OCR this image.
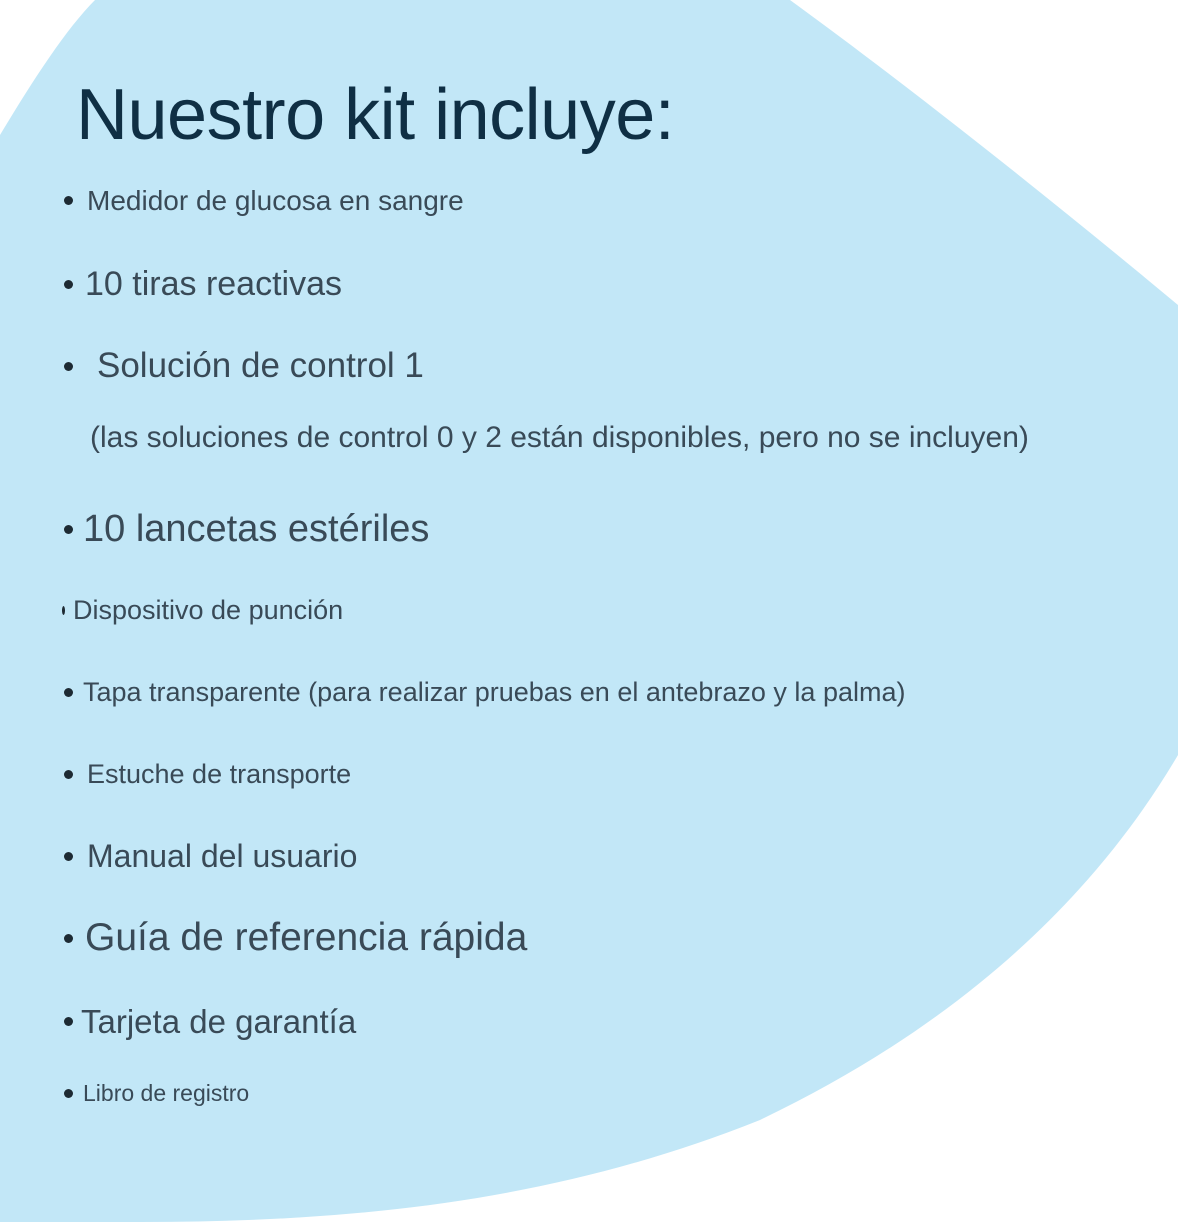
Nuestro kit incluye:
Medidor de glucosa en sangre
10 tiras reactivas
Solución de control 1
(las soluciones de control 0 y 2 están disponibles, pero no se incluyen)
10 lancetas estériles
Dispositivo de punción
Tapa transparente (para realizar pruebas en el antebrazo y la palma)
Estuche de transporte
Manual del usuario
Guía de referencia rápida
Tarjeta de garantía
Libro de registro
